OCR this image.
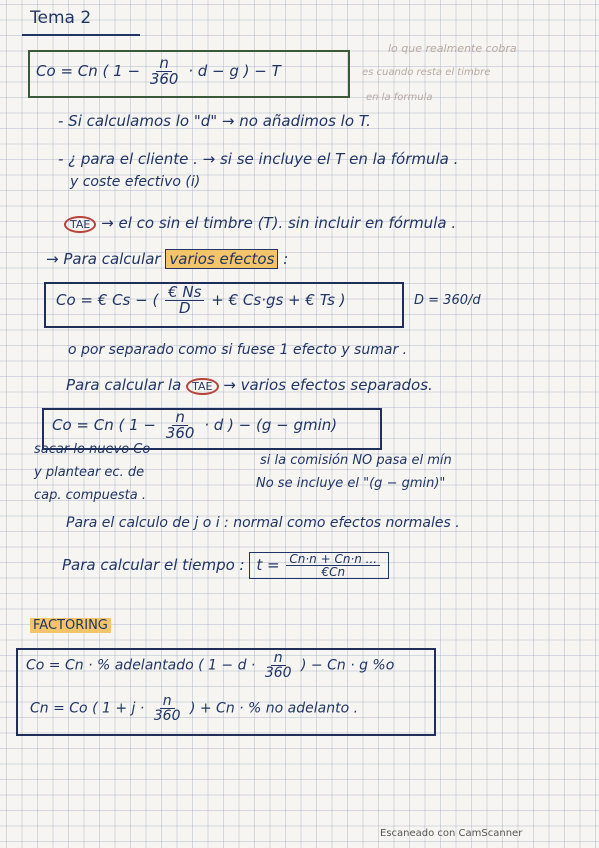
Tema 2
lo que realmente cobra
es cuando resta el timbre
en la formula
Co = Cn ( $1 - \frac{n}{360} \cdot d - g$ ) − T
- Si calculamos lo "d" → no añadimos lo T.
- ¿ para el cliente . → si se incluye el T en la fórmula .
y coste efectivo (i)
TAE → el co sin el timbre (T). sin incluir en fórmula .
→ Para calcular varios efectos :
Co = € Cs − ( $\frac{€ Ns}{D}$ + € Cs·gs + € Ts )	D = 360/d
o por separado como si fuese 1 efecto y sumar .
Para calcular la TAE → varios efectos separados.
Co = Cn ( $1 - \frac{n}{360} \cdot d$ ) − (g − gmin)
sacar lo nuevo Co
y plantear ec. de
cap. compuesta .
si la comisión NO pasa el mín
No se incluye el "(g − gmin)"
Para el calculo de j o i : normal como efectos normales .
Para calcular el tiempo : $t = \frac{Cn\cdot n + Cn\cdot n ...}{€Cn}$
FACTORING
Co = Cn · % adelantado ( $1 - d \cdot \frac{n}{360}$ ) − Cn · g %o
Cn = Co ( $1 + j \cdot \frac{n}{360}$ ) + Cn · % no adelanto .
Escaneado con CamScanner
